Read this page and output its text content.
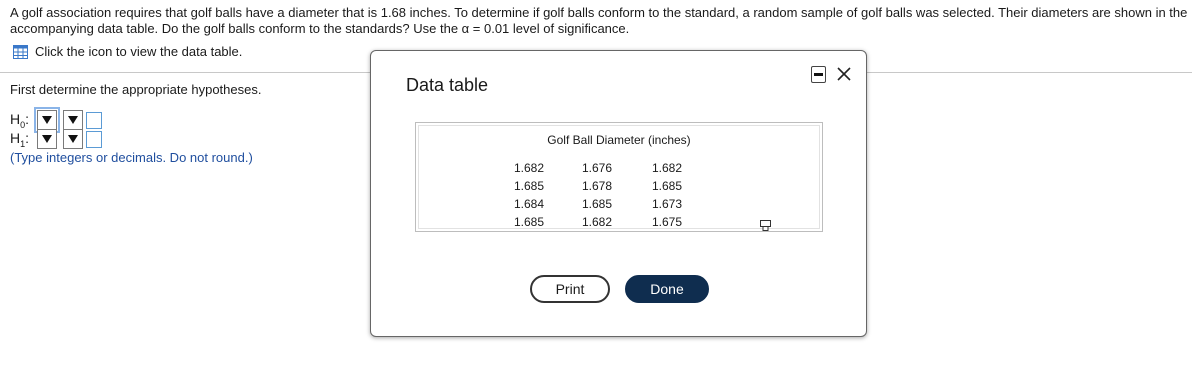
A golf association requires that golf balls have a diameter that is 1.68 inches. To determine if golf balls conform to the standard, a random sample of golf balls was selected. Their diameters are shown in the accompanying data table. Do the golf balls conform to the standards? Use the α = 0.01 level of significance.
Click the icon to view the data table.
First determine the appropriate hypotheses.
$H_0$:
$H_1$:
(Type integers or decimals. Do not round.)
Data table
Golf Ball Diameter (inches)
1.682	1.676	1.682
1.685	1.678	1.685
1.684	1.685	1.673
1.685	1.682	1.675
Print	Done
